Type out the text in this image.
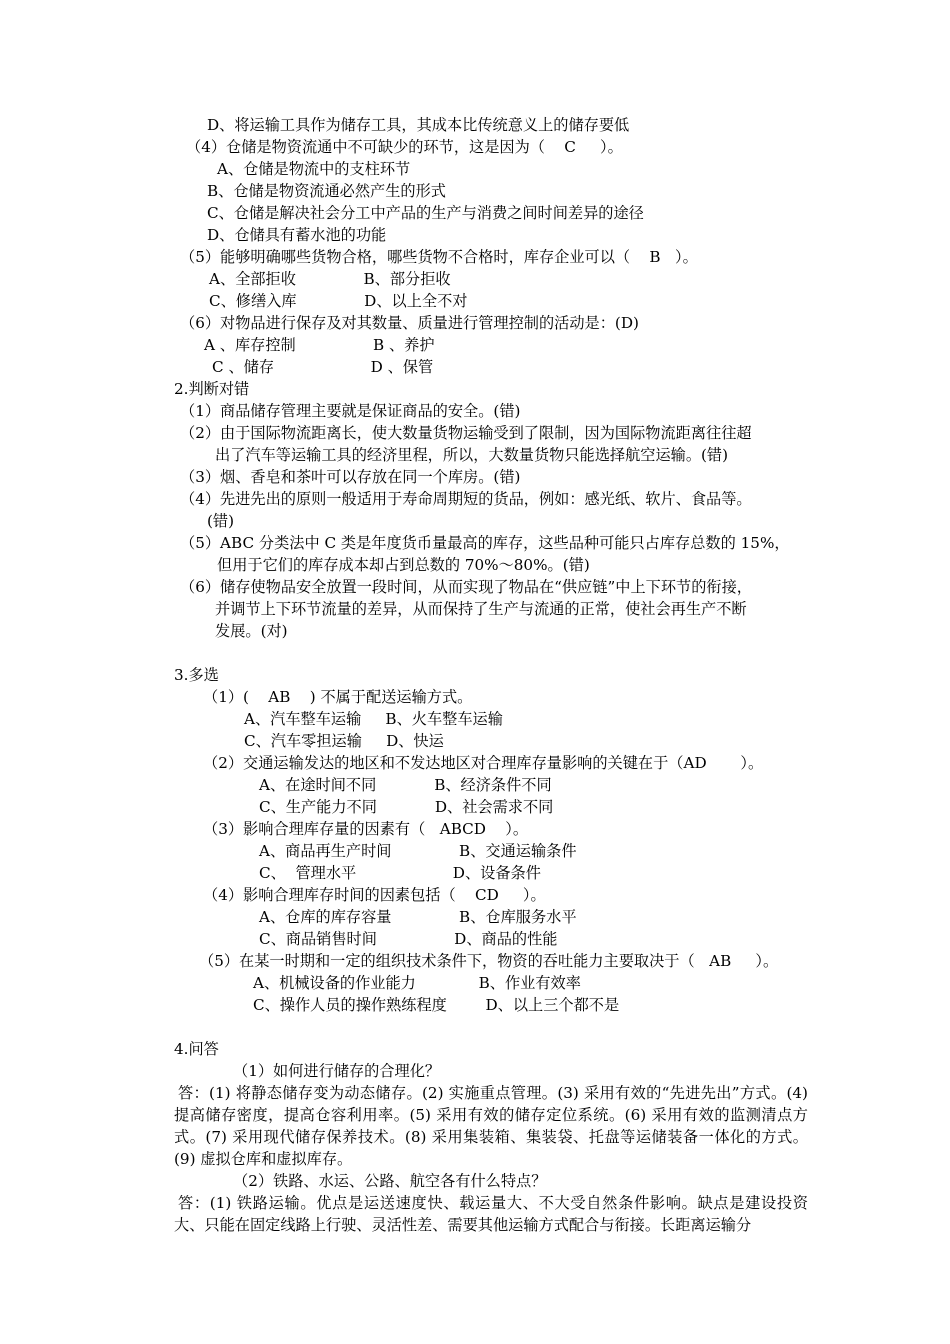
D、将运输工具作为储存工具，其成本比传统意义上的储存要低
（4）仓储是物资流通中不可缺少的环节，这是因为（    C     ）。
A、仓储是物流中的支柱环节
B、仓储是物资流通必然产生的形式
C、仓储是解决社会分工中产品的生产与消费之间时间差异的途径
D、仓储具有蓄水池的功能
（5）能够明确哪些货物合格，哪些货物不合格时，库存企业可以（    B   ）。
A、全部拒收              B、部分拒收
C、修缮入库              D、以上全不对
（6）对物品进行保存及对其数量、质量进行管理控制的活动是：(D)
A 、库存控制                B 、养护
C 、储存                    D 、保管
2.判断对错
（1）商品储存管理主要就是保证商品的安全。(错)
（2）由于国际物流距离长，使大数量货物运输受到了限制，因为国际物流距离往往超
出了汽车等运输工具的经济里程，所以，大数量货物只能选择航空运输。(错)
（3）烟、香皂和茶叶可以存放在同一个库房。(错)
（4）先进先出的原则一般适用于寿命周期短的货品，例如：感光纸、软片、食品等。
(错)
（5）ABC 分类法中 C 类是年度货币量最高的库存，这些品种可能只占库存总数的 15%，
但用于它们的库存成本却占到总数的 70%～80%。(错)
（6）储存使物品安全放置一段时间，从而实现了物品在“供应链”中上下环节的衔接，
并调节上下环节流量的差异，从而保持了生产与流通的正常，使社会再生产不断
发展。(对)
3.多选
（1）(    AB    ) 不属于配送运输方式。
A、汽车整车运输     B、火车整车运输
C、汽车零担运输     D、快运
（2）交通运输发达的地区和不发达地区对合理库存量影响的关键在于（AD       ）。
A、在途时间不同            B、经济条件不同
C、生产能力不同            D、社会需求不同
（3）影响合理库存量的因素有（   ABCD    ）。
A、商品再生产时间              B、交通运输条件
C、  管理水平                    D、设备条件
（4）影响合理库存时间的因素包括（    CD     ）。
A、仓库的库存容量              B、仓库服务水平
C、商品销售时间                D、商品的性能
（5）在某一时期和一定的组织技术条件下，物资的吞吐能力主要取决于（   AB     ）。
A、机械设备的作业能力             B、作业有效率
C、操作人员的操作熟练程度        D、以上三个都不是
4.问答
（1）如何进行储存的合理化？
答：(1) 将静态储存变为动态储存。(2) 实施重点管理。(3) 采用有效的“先进先出”方式。(4) 提高储存密度，提高仓容利用率。(5) 采用有效的储存定位系统。(6) 采用有效的监测清点方式。(7) 采用现代储存保养技术。(8) 采用集装箱、集装袋、托盘等运储装备一体化的方式。(9) 虚拟仓库和虚拟库存。
（2）铁路、水运、公路、航空各有什么特点？
答：(1) 铁路运输。优点是运送速度快、载运量大、不大受自然条件影响。缺点是建设投资大、只能在固定线路上行驶、灵活性差、需要其他运输方式配合与衔接。长距离运输分
